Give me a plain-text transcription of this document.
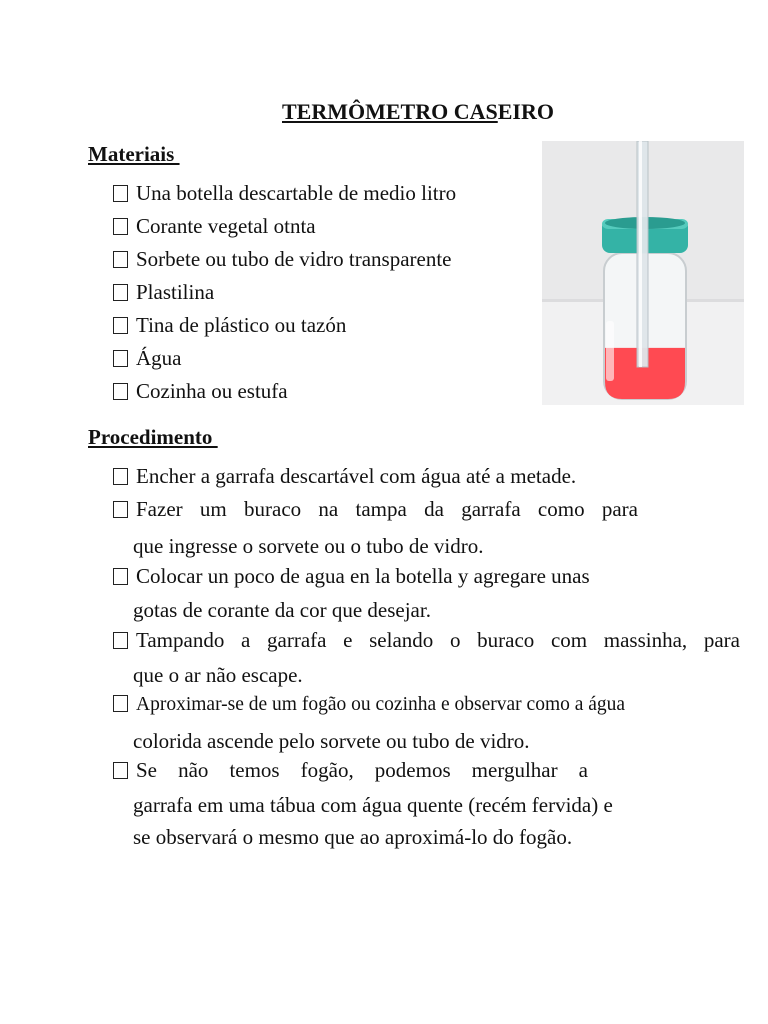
TERMÔMETRO CASEIRO
Materiais

Una botella descartable de medio litro

Corante vegetal otnta

Sorbete ou tubo de vidro transparente

Plastilina

Tina de plástico ou tazón

Água

Cozinha ou estufa

Procedimento

Encher a garrafa descartável com água até a metade.

Fazer um buraco na tampa da garrafa como para

que ingresse o sorvete ou o tubo de vidro.

Colocar un poco de agua en la botella y agregare unas

gotas de corante da cor que desejar.

Tampando a garrafa e selando o buraco com massinha, para

que o ar não escape.

Aproximar-se de um fogão ou cozinha e observar como a água

colorida ascende pelo sorvete ou tubo de vidro.

Se não temos fogão, podemos mergulhar a

garrafa em uma tábua com água quente (recém fervida) e

se observará o mesmo que ao aproximá-lo do fogão.
